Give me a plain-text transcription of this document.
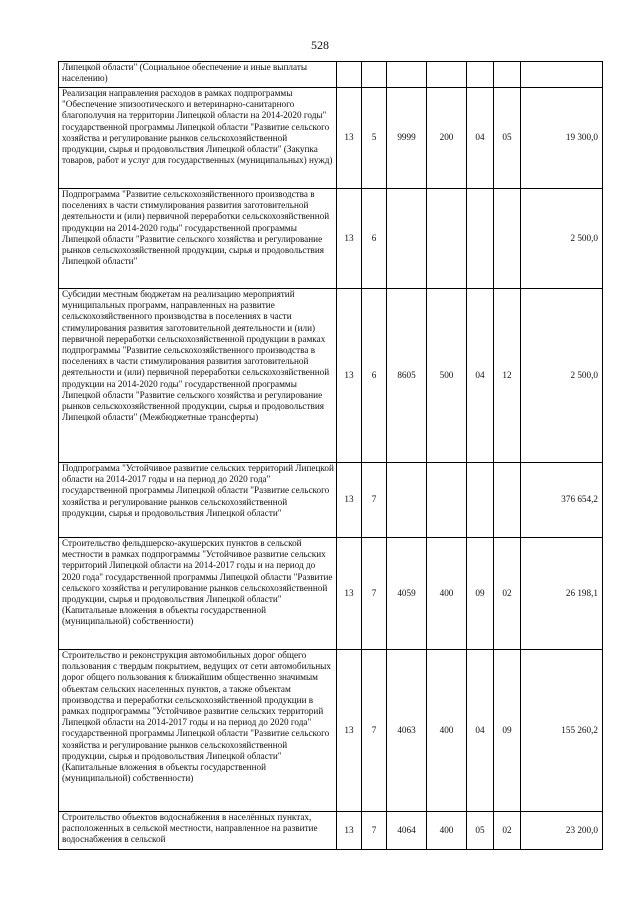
528
Липецкой области" (Социальное обеспечение и иные выплаты населению)							
Реализация направления расходов в рамках подпрограммы "Обеспечение эпизоотического и ветеринарно-санитарного благополучия на территории Липецкой области на 2014-2020 годы" государственной программы Липецкой области "Развитие сельского хозяйства и регулирование рынков сельскохозяйственной продукции, сырья и продовольствия Липецкой области" (Закупка товаров, работ и услуг для государственных (муниципальных) нужд)	13	5	9999	200	04	05	19 300,0
Подпрограмма "Развитие сельскохозяйственного производства в поселениях в части стимулирования развития заготовительной деятельности и (или) первичной переработки сельскохозяйственной продукции на 2014-2020 годы" государственной программы Липецкой области "Развитие сельского хозяйства и регулирование рынков сельскохозяйственной продукции, сырья и продовольствия Липецкой области"	13	6					2 500,0
Субсидии местным бюджетам на реализацию мероприятий муниципальных программ, направленных на развитие сельскохозяйственного производства в поселениях в части стимулирования развития заготовительной деятельности и (или) первичной переработки сельскохозяйственной продукции в рамках подпрограммы "Развитие сельскохозяйственного производства в поселениях в части стимулирования развития заготовительной деятельности и (или) первичной переработки сельскохозяйственной продукции на 2014-2020 годы" государственной программы Липецкой области "Развитие сельского хозяйства и регулирование рынков сельскохозяйственной продукции, сырья и продовольствия Липецкой области" (Межбюджетные трансферты)	13	6	8605	500	04	12	2 500,0
Подпрограмма "Устойчивое развитие сельских территорий Липецкой области на 2014-2017 годы и на период до 2020 года" государственной программы Липецкой области "Развитие сельского хозяйства и регулирование рынков сельскохозяйственной продукции, сырья и продовольствия Липецкой области"	13	7					376 654,2
Строительство фельдшерско-акушерских пунктов в сельской местности в рамках подпрограммы "Устойчивое развитие сельских территорий Липецкой области на 2014-2017 годы и на период до 2020 года" государственной программы Липецкой области "Развитие сельского хозяйства и регулирование рынков сельскохозяйственной продукции, сырья и продовольствия Липецкой области" (Капитальные вложения в объекты государственной (муниципальной) собственности)	13	7	4059	400	09	02	26 198,1
Строительство и реконструкция автомобильных дорог общего пользования с твердым покрытием, ведущих от сети автомобильных дорог общего пользования к ближайшим общественно значимым объектам сельских населенных пунктов, а также объектам производства и переработки сельскохозяйственной продукции в рамках подпрограммы "Устойчивое развитие сельских территорий Липецкой области на 2014-2017 годы и на период до 2020 года" государственной программы Липецкой области "Развитие сельского хозяйства и регулирование рынков сельскохозяйственной продукции, сырья и продовольствия Липецкой области" (Капитальные вложения в объекты государственной (муниципальной) собственности)	13	7	4063	400	04	09	155 260,2
Строительство объектов водоснабжения в населённых пунктах, расположенных в сельской местности, направленное на развитие водоснабжения в сельской	13	7	4064	400	05	02	23 200,0
